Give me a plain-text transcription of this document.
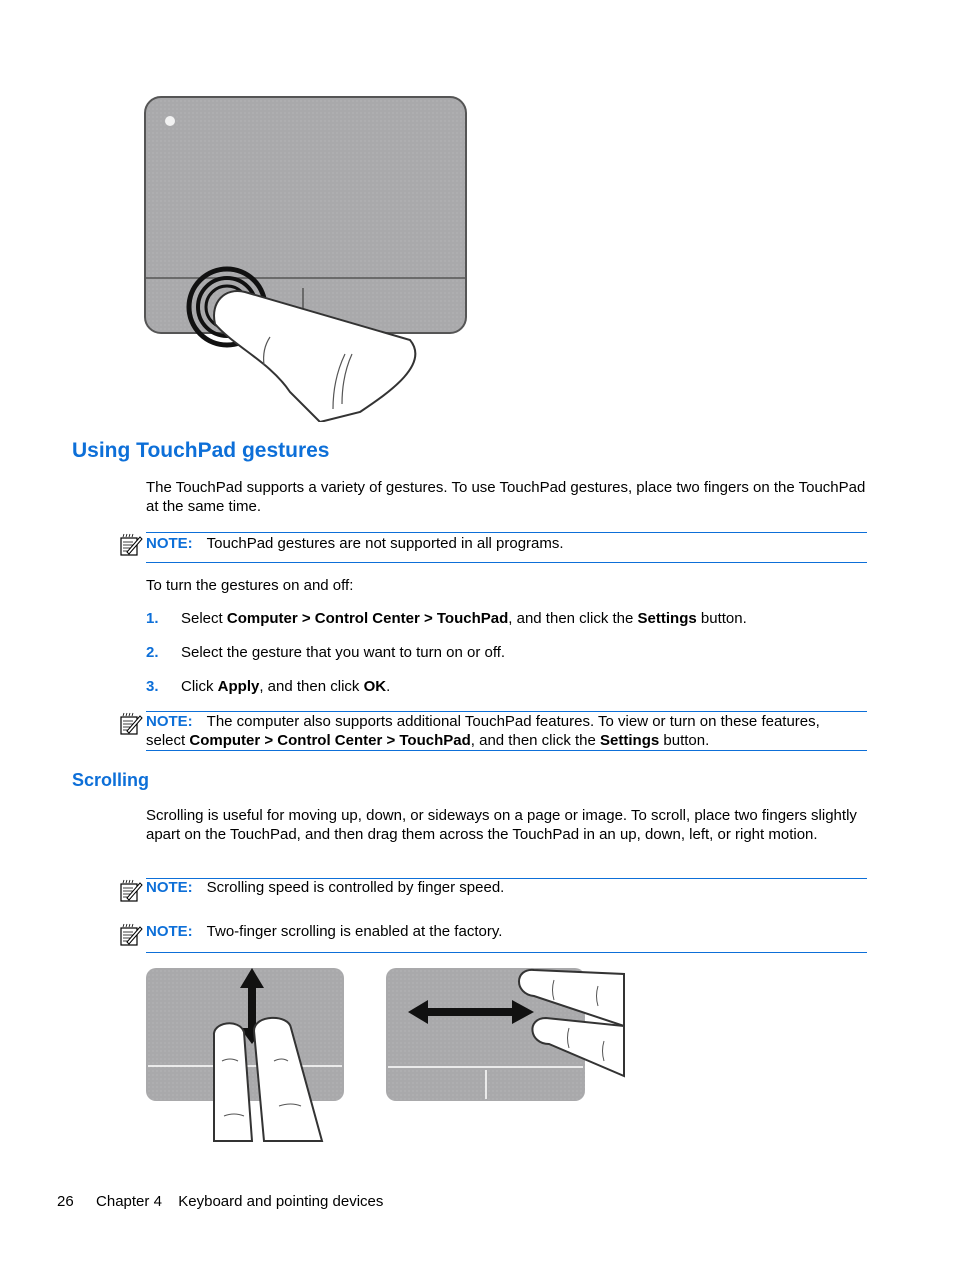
Using TouchPad gestures
The TouchPad supports a variety of gestures. To use TouchPad gestures, place two fingers on the TouchPad at the same time.
NOTE: TouchPad gestures are not supported in all programs.
To turn the gestures on and off:
1. Select Computer > Control Center > TouchPad, and then click the Settings button.
2. Select the gesture that you want to turn on or off.
3. Click Apply, and then click OK.
NOTE: The computer also supports additional TouchPad features. To view or turn on these features, select Computer > Control Center > TouchPad, and then click the Settings button.
Scrolling
Scrolling is useful for moving up, down, or sideways on a page or image. To scroll, place two fingers slightly apart on the TouchPad, and then drag them across the TouchPad in an up, down, left, or right motion.
NOTE: Scrolling speed is controlled by finger speed.
NOTE: Two-finger scrolling is enabled at the factory.
26 Chapter 4 Keyboard and pointing devices
